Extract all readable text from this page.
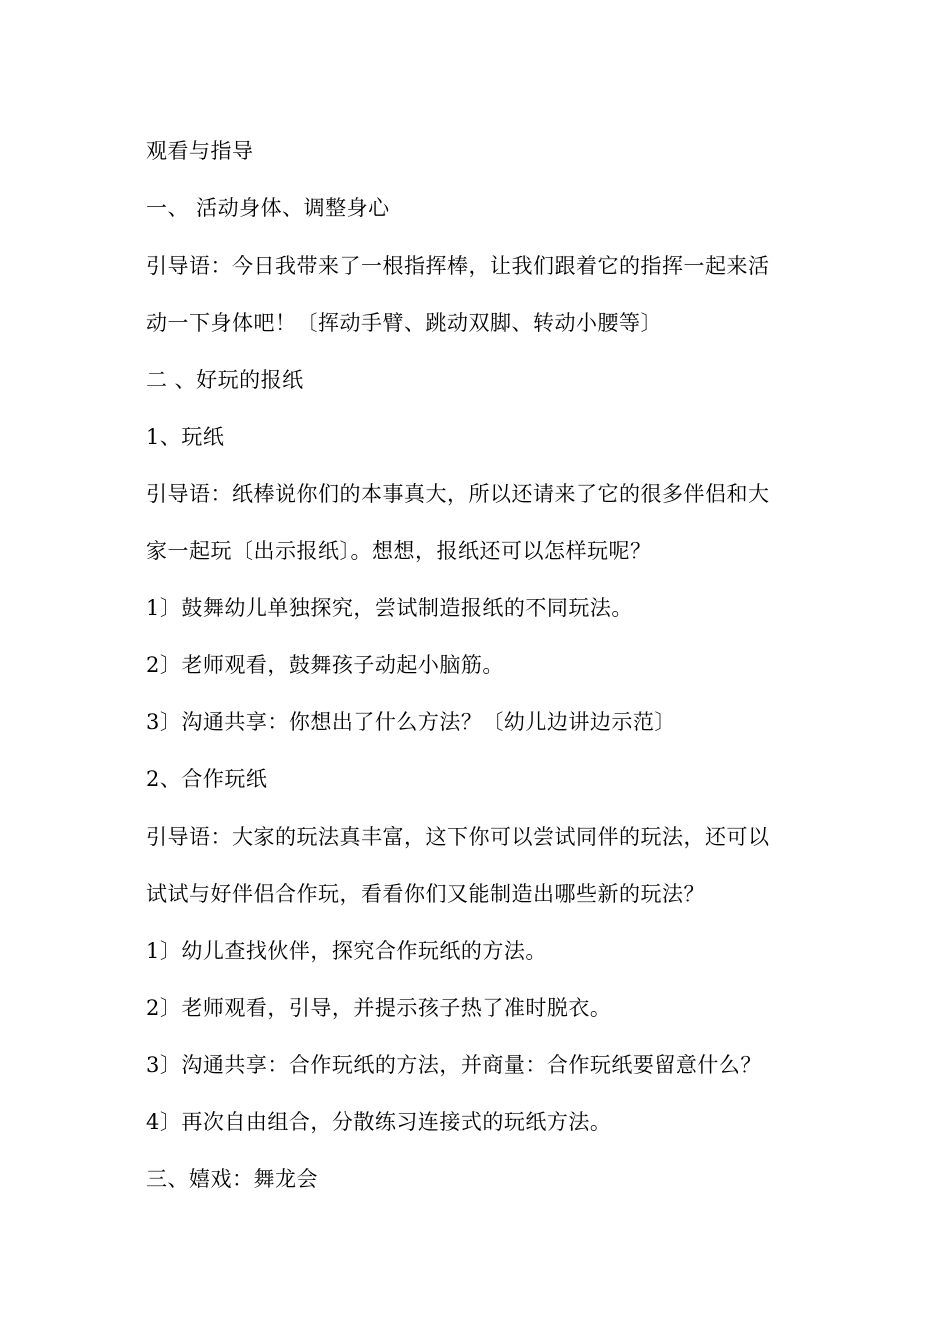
观看与指导
一、 活动身体、调整身心
引导语：今日我带来了一根指挥棒，让我们跟着它的指挥一起来活
动一下身体吧！〔挥动手臂、跳动双脚、转动小腰等〕
二 、好玩的报纸
1、玩纸
引导语：纸棒说你们的本事真大，所以还请来了它的很多伴侣和大
家一起玩〔出示报纸〕。想想，报纸还可以怎样玩呢？
1〕鼓舞幼儿单独探究，尝试制造报纸的不同玩法。
2〕老师观看，鼓舞孩子动起小脑筋。
3〕沟通共享：你想出了什么方法？〔幼儿边讲边示范〕
2、合作玩纸
引导语：大家的玩法真丰富，这下你可以尝试同伴的玩法，还可以
试试与好伴侣合作玩，看看你们又能制造出哪些新的玩法？
1〕幼儿查找伙伴，探究合作玩纸的方法。
2〕老师观看，引导，并提示孩子热了准时脱衣。
3〕沟通共享：合作玩纸的方法，并商量：合作玩纸要留意什么？
4〕再次自由组合，分散练习连接式的玩纸方法。
三、嬉戏：舞龙会
